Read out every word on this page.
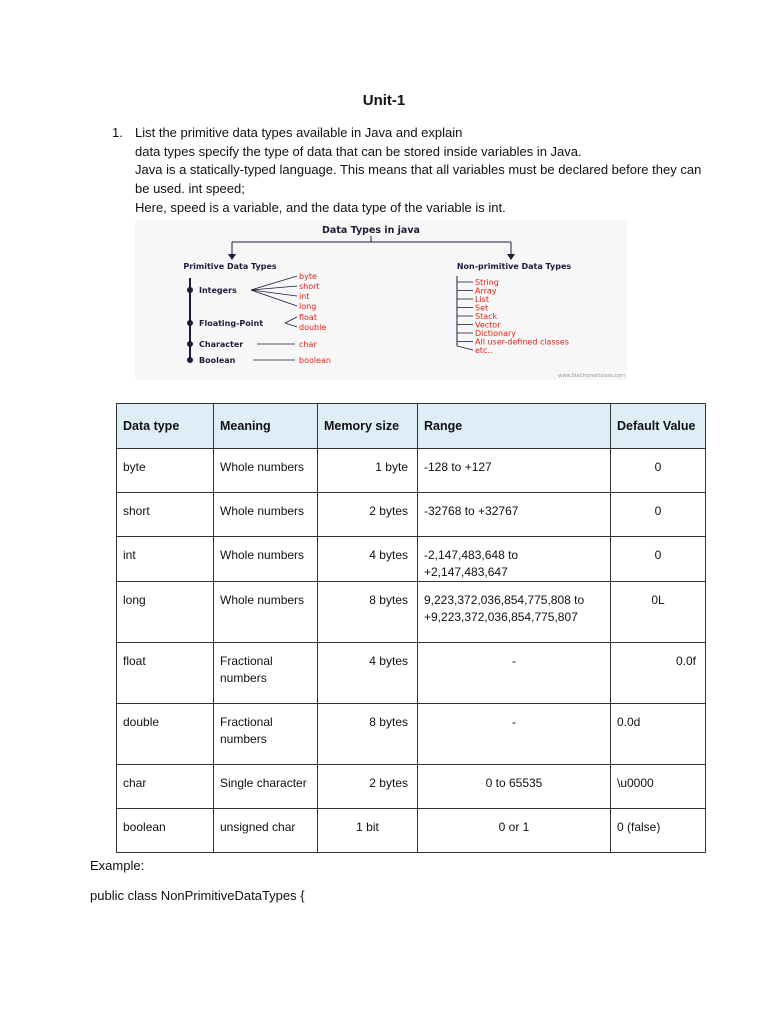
Unit-1
1. List the primitive data types available in Java and explain
data types specify the type of data that can be stored inside variables in Java.
Java is a statically-typed language. This means that all variables must be declared before they can
be used. int speed;
Here, speed is a variable, and the data type of the variable is int.
Data Types in java
Primitive Data Types	Non-primitive Data Types
Integers
byte
short
int
long
Floating-Point
float
double
Character	char
Boolean	boolean
String
Array
List
Set
Stack
Vector
Dictionary
All user-defined classes
etc..
www.btechsmartclass.com
Data type	Meaning	Memory size	Range	Default Value
byte	Whole numbers	1 byte	-128 to +127	0
short	Whole numbers	2 bytes	-32768 to +32767	0
int	Whole numbers	4 bytes	-2,147,483,648 to +2,147,483,647	0
long	Whole numbers	8 bytes	9,223,372,036,854,775,808 to +9,223,372,036,854,775,807	0L
float	Fractional numbers	4 bytes	-	0.0f
double	Fractional numbers	8 bytes	-	0.0d
char	Single character	2 bytes	0 to 65535	\u0000
boolean	unsigned char	1 bit	0 or 1	0 (false)
Example:
public class NonPrimitiveDataTypes {
